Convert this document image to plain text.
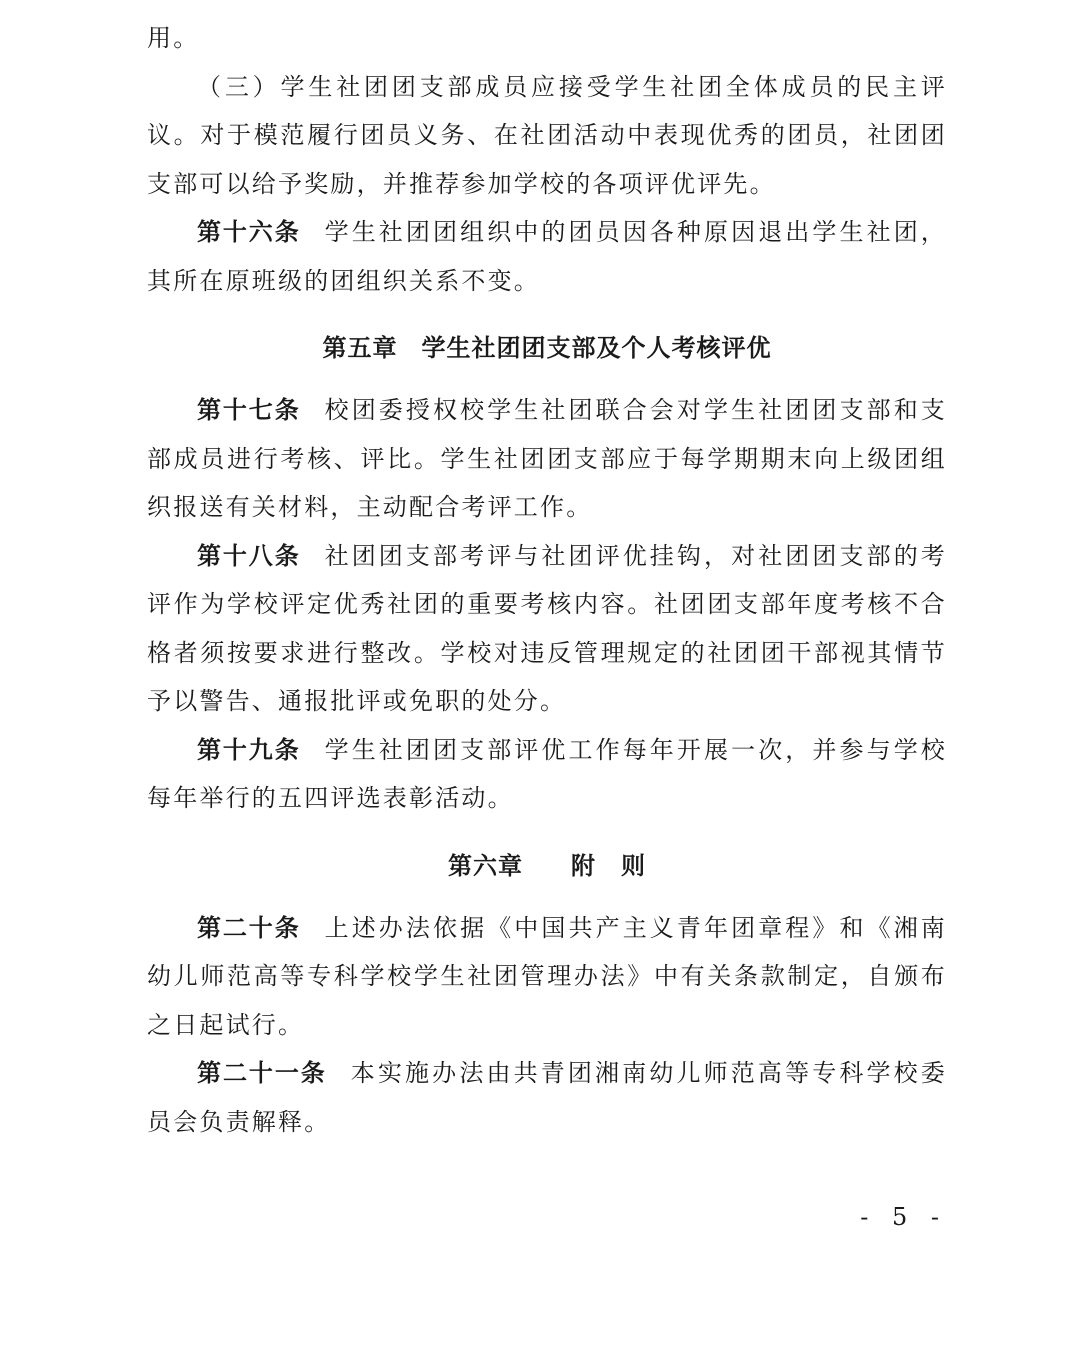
用。

（三）学生社团团支部成员应接受学生社团全体成员的民主评议。对于模范履行团员义务、在社团活动中表现优秀的团员，社团团支部可以给予奖励，并推荐参加学校的各项评优评先。

第十六条 学生社团团组织中的团员因各种原因退出学生社团，其所在原班级的团组织关系不变。

第五章 学生社团团支部及个人考核评优

第十七条 校团委授权校学生社团联合会对学生社团团支部和支部成员进行考核、评比。学生社团团支部应于每学期期末向上级团组织报送有关材料，主动配合考评工作。

第十八条 社团团支部考评与社团评优挂钩，对社团团支部的考评作为学校评定优秀社团的重要考核内容。社团团支部年度考核不合格者须按要求进行整改。学校对违反管理规定的社团团干部视其情节予以警告、通报批评或免职的处分。

第十九条 学生社团团支部评优工作每年开展一次，并参与学校每年举行的五四评选表彰活动。

第六章 附　则

第二十条 上述办法依据《中国共产主义青年团章程》和《湘南幼儿师范高等专科学校学生社团管理办法》中有关条款制定，自颁布之日起试行。

第二十一条 本实施办法由共青团湘南幼儿师范高等专科学校委员会负责解释。

- 5 -
